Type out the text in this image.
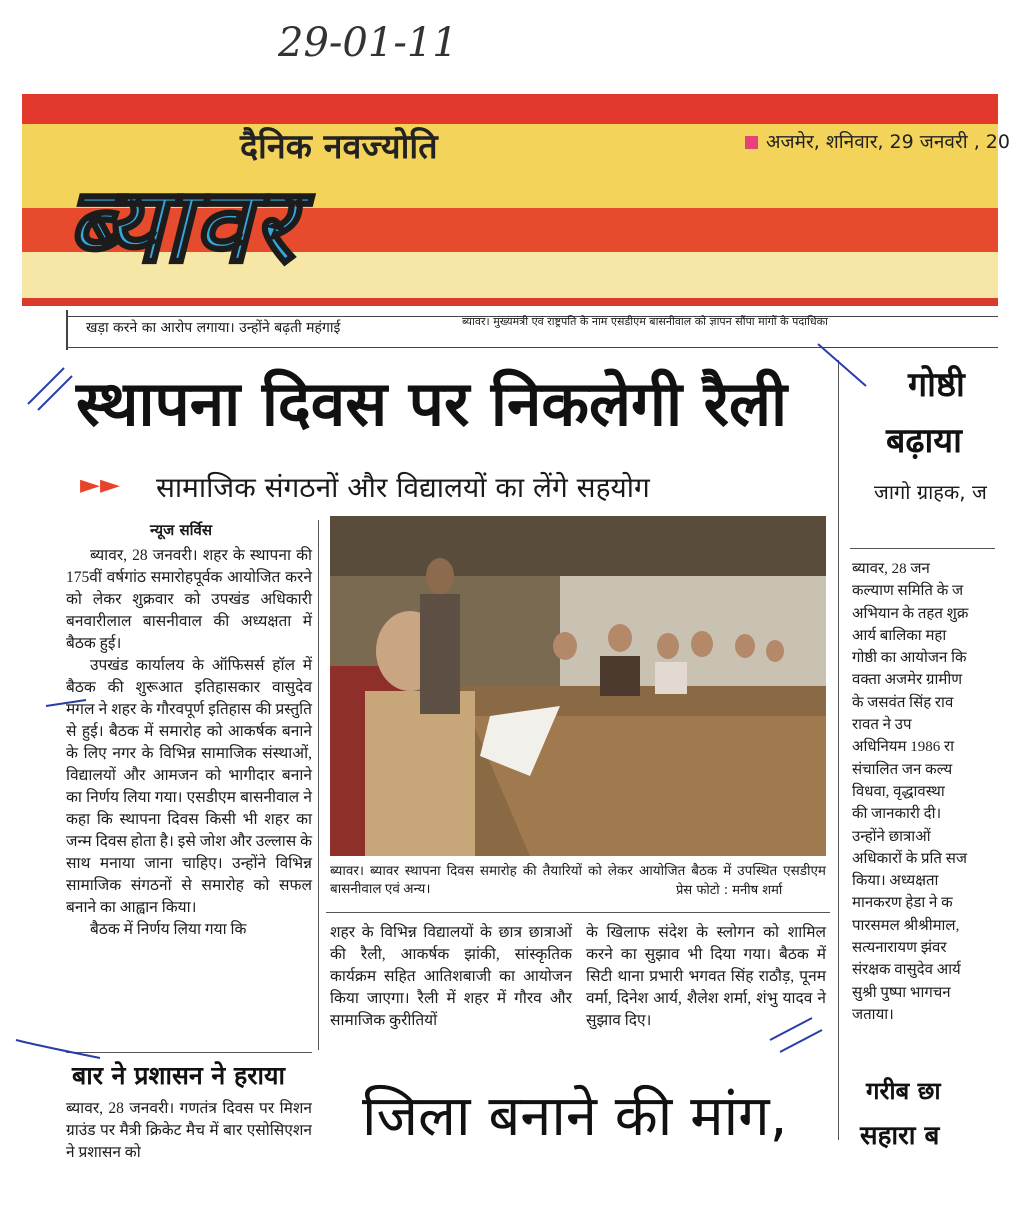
29-01-11
दैनिक नवज्योति	अजमेर, शनिवार, 29 जनवरी , 20
ब्यावर
खड़ा करने का आरोप लगाया। उन्होंने बढ़ती महंगाई	ब्यावर। मुख्यमंत्री एवं राष्ट्रपति के नाम एसडीएम बासनीवाल को ज्ञापन सौंपा मांगों के पदाधिका
स्थापना दिवस पर निकलेगी रैली
►► सामाजिक संगठनों और विद्यालयों का लेंगे सहयोग
न्यूज सर्विस

ब्यावर, 28 जनवरी। शहर के स्थापना की 175वीं वर्षगांठ समारोहपूर्वक आयोजित करने को लेकर शुक्रवार को उपखंड अधिकारी बनवारीलाल बासनीवाल की अध्यक्षता में बैठक हुई।

उपखंड कार्यालय के ऑफिसर्स हॉल में बैठक की शुरूआत इतिहासकार वासुदेव मंगल ने शहर के गौरवपूर्ण इतिहास की प्रस्तुति से हुई। बैठक में समारोह को आकर्षक बनाने के लिए नगर के विभिन्न सामाजिक संस्थाओं, विद्यालयों और आमजन को भागीदार बनाने का निर्णय लिया गया। एसडीएम बासनीवाल ने कहा कि स्थापना दिवस किसी भी शहर का जन्म दिवस होता है। इसे जोश और उल्लास के साथ मनाया जाना चाहिए। उन्होंने विभिन्न सामाजिक संगठनों से समारोह को सफल बनाने का आह्वान किया।

बैठक में निर्णय लिया गया कि

ब्यावर। ब्यावर स्थापना दिवस समारोह की तैयारियों को लेकर आयोजित बैठक में उपस्थित एसडीएम बासनीवाल एवं अन्य।	प्रेस फोटो : मनीष शर्मा
शहर के विभिन्न विद्यालयों के छात्र छात्राओं की रैली, आकर्षक झांकी, सांस्कृतिक कार्यक्रम सहित आतिशबाजी का आयोजन किया जाएगा। रैली में शहर में गौरव और सामाजिक कुरीतियों
के खिलाफ संदेश के स्लोगन को शामिल करने का सुझाव भी दिया गया। बैठक में सिटी थाना प्रभारी भगवत सिंह राठौड़, पूनम वर्मा, दिनेश आर्य, शैलेश शर्मा, शंभु यादव ने सुझाव दिए।
बार ने प्रशासन ने हराया
ब्यावर, 28 जनवरी। गणतंत्र दिवस पर मिशन ग्राउंड पर मैत्री क्रिकेट मैच में बार एसोसिएशन ने प्रशासन को
जिला बनाने की मांग,
गोष्ठी
बढ़ाया
जागो ग्राहक, ज
ब्यावर, 28 जन
कल्याण समिति के ज
अभियान के तहत शुक्र
आर्य बालिका महा
गोष्ठी का आयोजन कि
वक्ता अजमेर ग्रामीण
के जसवंत सिंह राव
रावत ने उप
अधिनियम 1986 रा
संचालित जन कल्य
विधवा, वृद्धावस्था
की जानकारी दी।
उन्होंने छात्राओं
अधिकारों के प्रति सज
किया। अध्यक्षता
मानकरण हेडा ने क
पारसमल श्रीश्रीमाल,
सत्यनारायण झंवर
संरक्षक वासुदेव आर्य
सुश्री पुष्पा भागचन
जताया।
गरीब छा
सहारा ब
